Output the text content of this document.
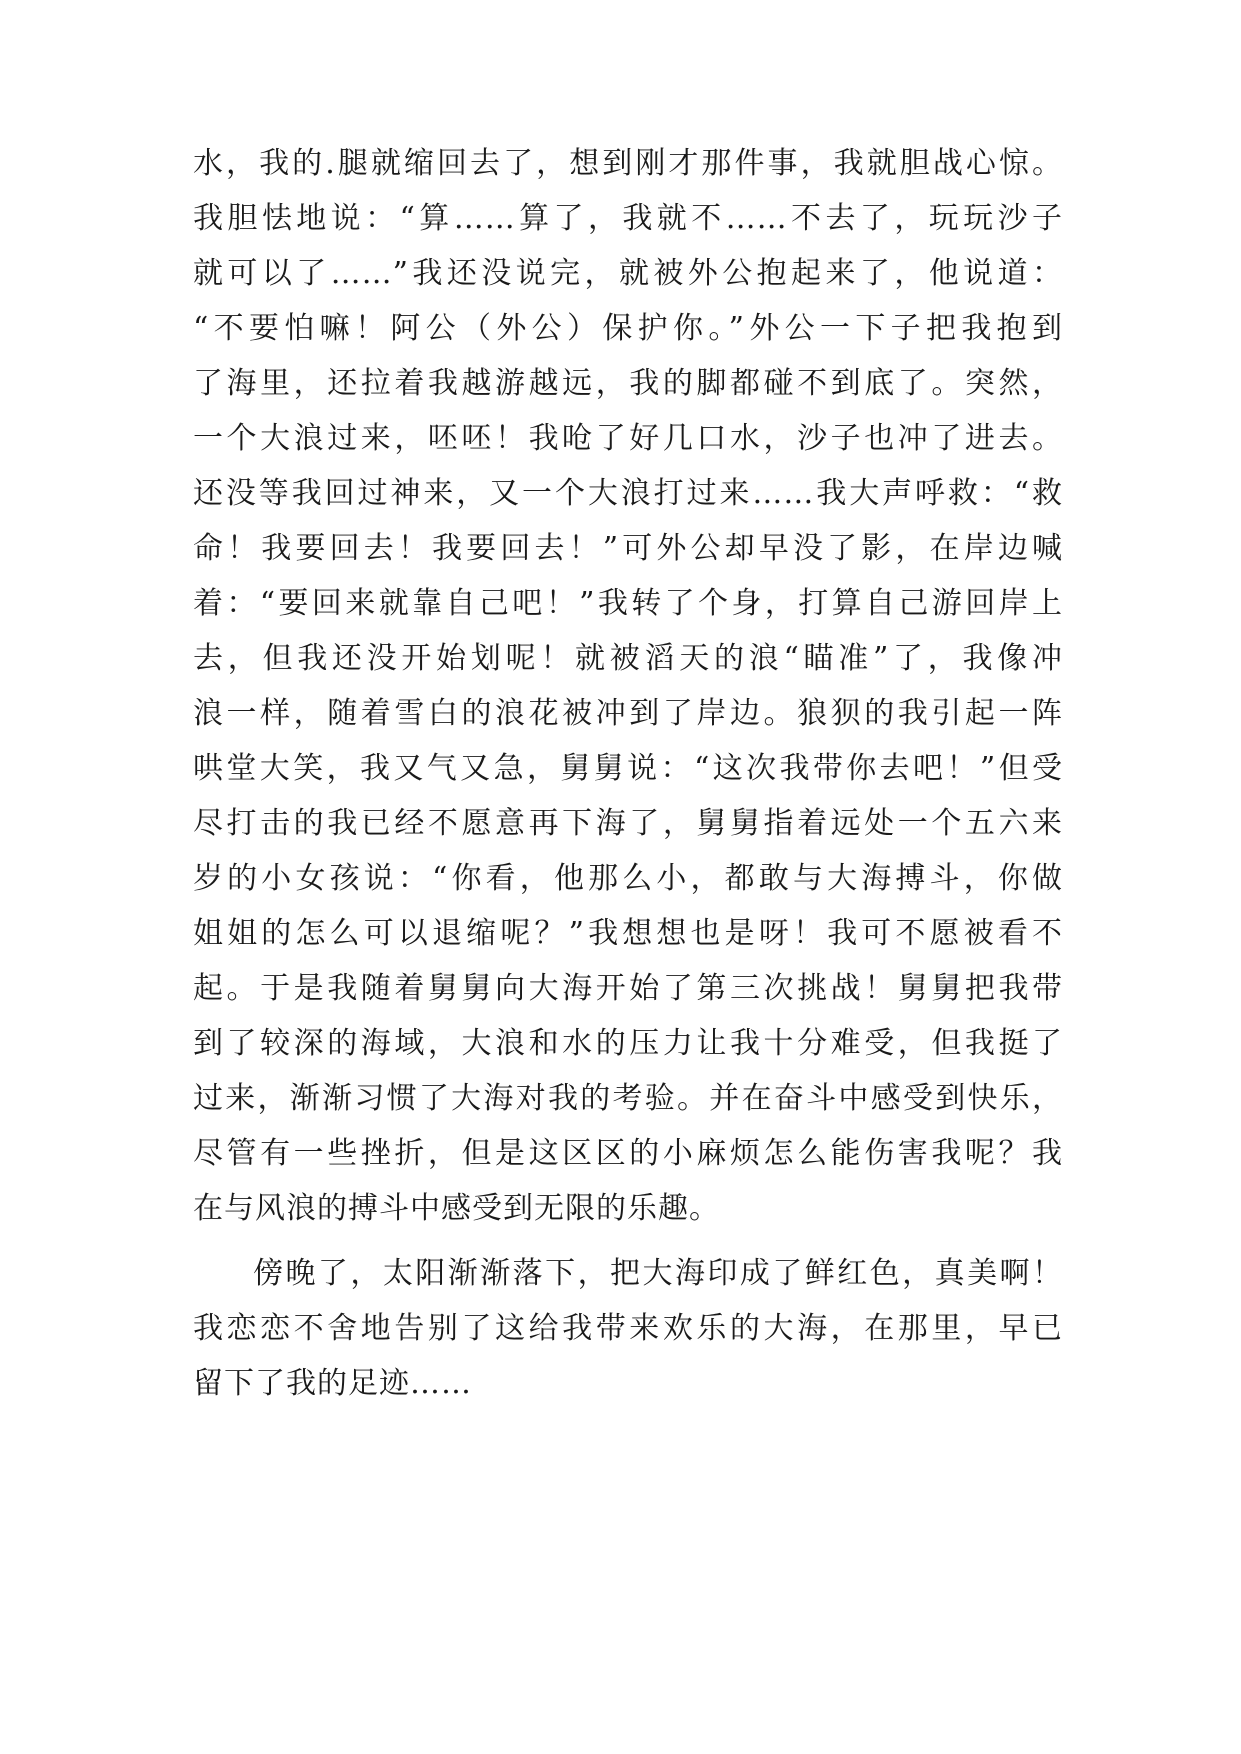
水，我的.腿就缩回去了，想到刚才那件事，我就胆战心惊。
我胆怯地说：“算……算了，我就不……不去了，玩玩沙子
就可以了……”我还没说完，就被外公抱起来了，他说道：
“不要怕嘛！阿公（外公）保护你。”外公一下子把我抱到
了海里，还拉着我越游越远，我的脚都碰不到底了。突然，
一个大浪过来，呸呸！我呛了好几口水，沙子也冲了进去。
还没等我回过神来，又一个大浪打过来……我大声呼救：“救
命！我要回去！我要回去！”可外公却早没了影，在岸边喊
着：“要回来就靠自己吧！”我转了个身，打算自己游回岸上
去，但我还没开始划呢！就被滔天的浪“瞄准”了，我像冲
浪一样，随着雪白的浪花被冲到了岸边。狼狈的我引起一阵
哄堂大笑，我又气又急，舅舅说：“这次我带你去吧！”但受
尽打击的我已经不愿意再下海了，舅舅指着远处一个五六来
岁的小女孩说：“你看，他那么小，都敢与大海搏斗，你做
姐姐的怎么可以退缩呢？”我想想也是呀！我可不愿被看不
起。于是我随着舅舅向大海开始了第三次挑战！舅舅把我带
到了较深的海域，大浪和水的压力让我十分难受，但我挺了
过来，渐渐习惯了大海对我的考验。并在奋斗中感受到快乐，
尽管有一些挫折，但是这区区的小麻烦怎么能伤害我呢？我
在与风浪的搏斗中感受到无限的乐趣。
傍晚了，太阳渐渐落下，把大海印成了鲜红色，真美啊！
我恋恋不舍地告别了这给我带来欢乐的大海，在那里，早已
留下了我的足迹……
